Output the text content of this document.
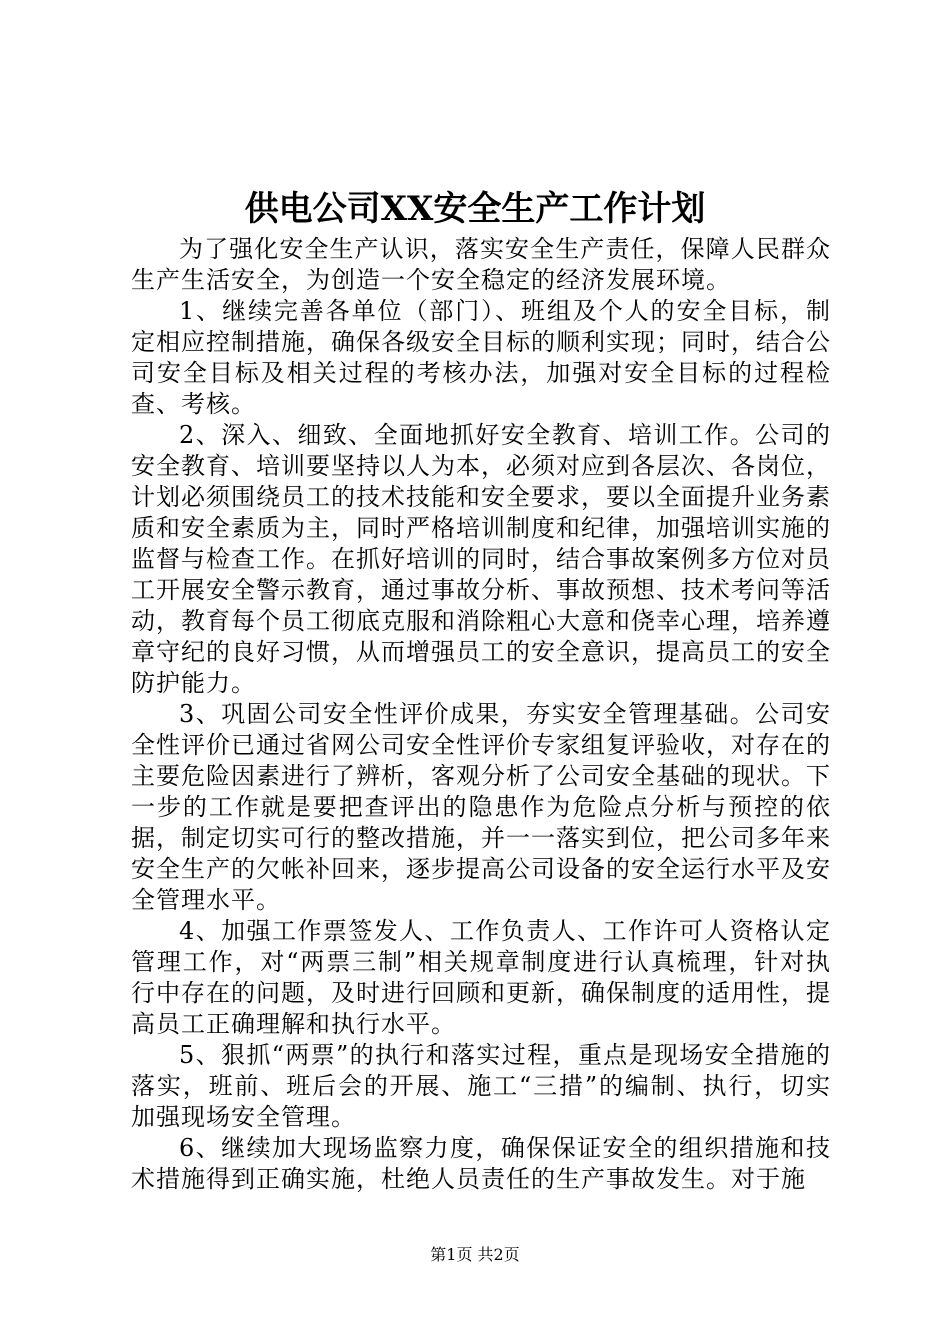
供电公司XX安全生产工作计划

为了强化安全生产认识，落实安全生产责任，保障人民群众生产生活安全，为创造一个安全稳定的经济发展环境。

1、继续完善各单位（部门）、班组及个人的安全目标，制定相应控制措施，确保各级安全目标的顺利实现；同时，结合公司安全目标及相关过程的考核办法，加强对安全目标的过程检查、考核。

2、深入、细致、全面地抓好安全教育、培训工作。公司的安全教育、培训要坚持以人为本，必须对应到各层次、各岗位，计划必须围绕员工的技术技能和安全要求，要以全面提升业务素质和安全素质为主，同时严格培训制度和纪律，加强培训实施的监督与检查工作。在抓好培训的同时，结合事故案例多方位对员工开展安全警示教育，通过事故分析、事故预想、技术考问等活动，教育每个员工彻底克服和消除粗心大意和侥幸心理，培养遵章守纪的良好习惯，从而增强员工的安全意识，提高员工的安全防护能力。

3、巩固公司安全性评价成果，夯实安全管理基础。公司安全性评价已通过省网公司安全性评价专家组复评验收，对存在的主要危险因素进行了辨析，客观分析了公司安全基础的现状。下一步的工作就是要把查评出的隐患作为危险点分析与预控的依据，制定切实可行的整改措施，并一一落实到位，把公司多年来安全生产的欠帐补回来，逐步提高公司设备的安全运行水平及安全管理水平。

4、加强工作票签发人、工作负责人、工作许可人资格认定管理工作，对“两票三制”相关规章制度进行认真梳理，针对执行中存在的问题，及时进行回顾和更新，确保制度的适用性，提高员工正确理解和执行水平。

5、狠抓“两票”的执行和落实过程，重点是现场安全措施的落实，班前、班后会的开展、施工“三措”的编制、执行，切实加强现场安全管理。

6、继续加大现场监察力度，确保保证安全的组织措施和技术措施得到正确实施，杜绝人员责任的生产事故发生。对于施

第1页 共2页
